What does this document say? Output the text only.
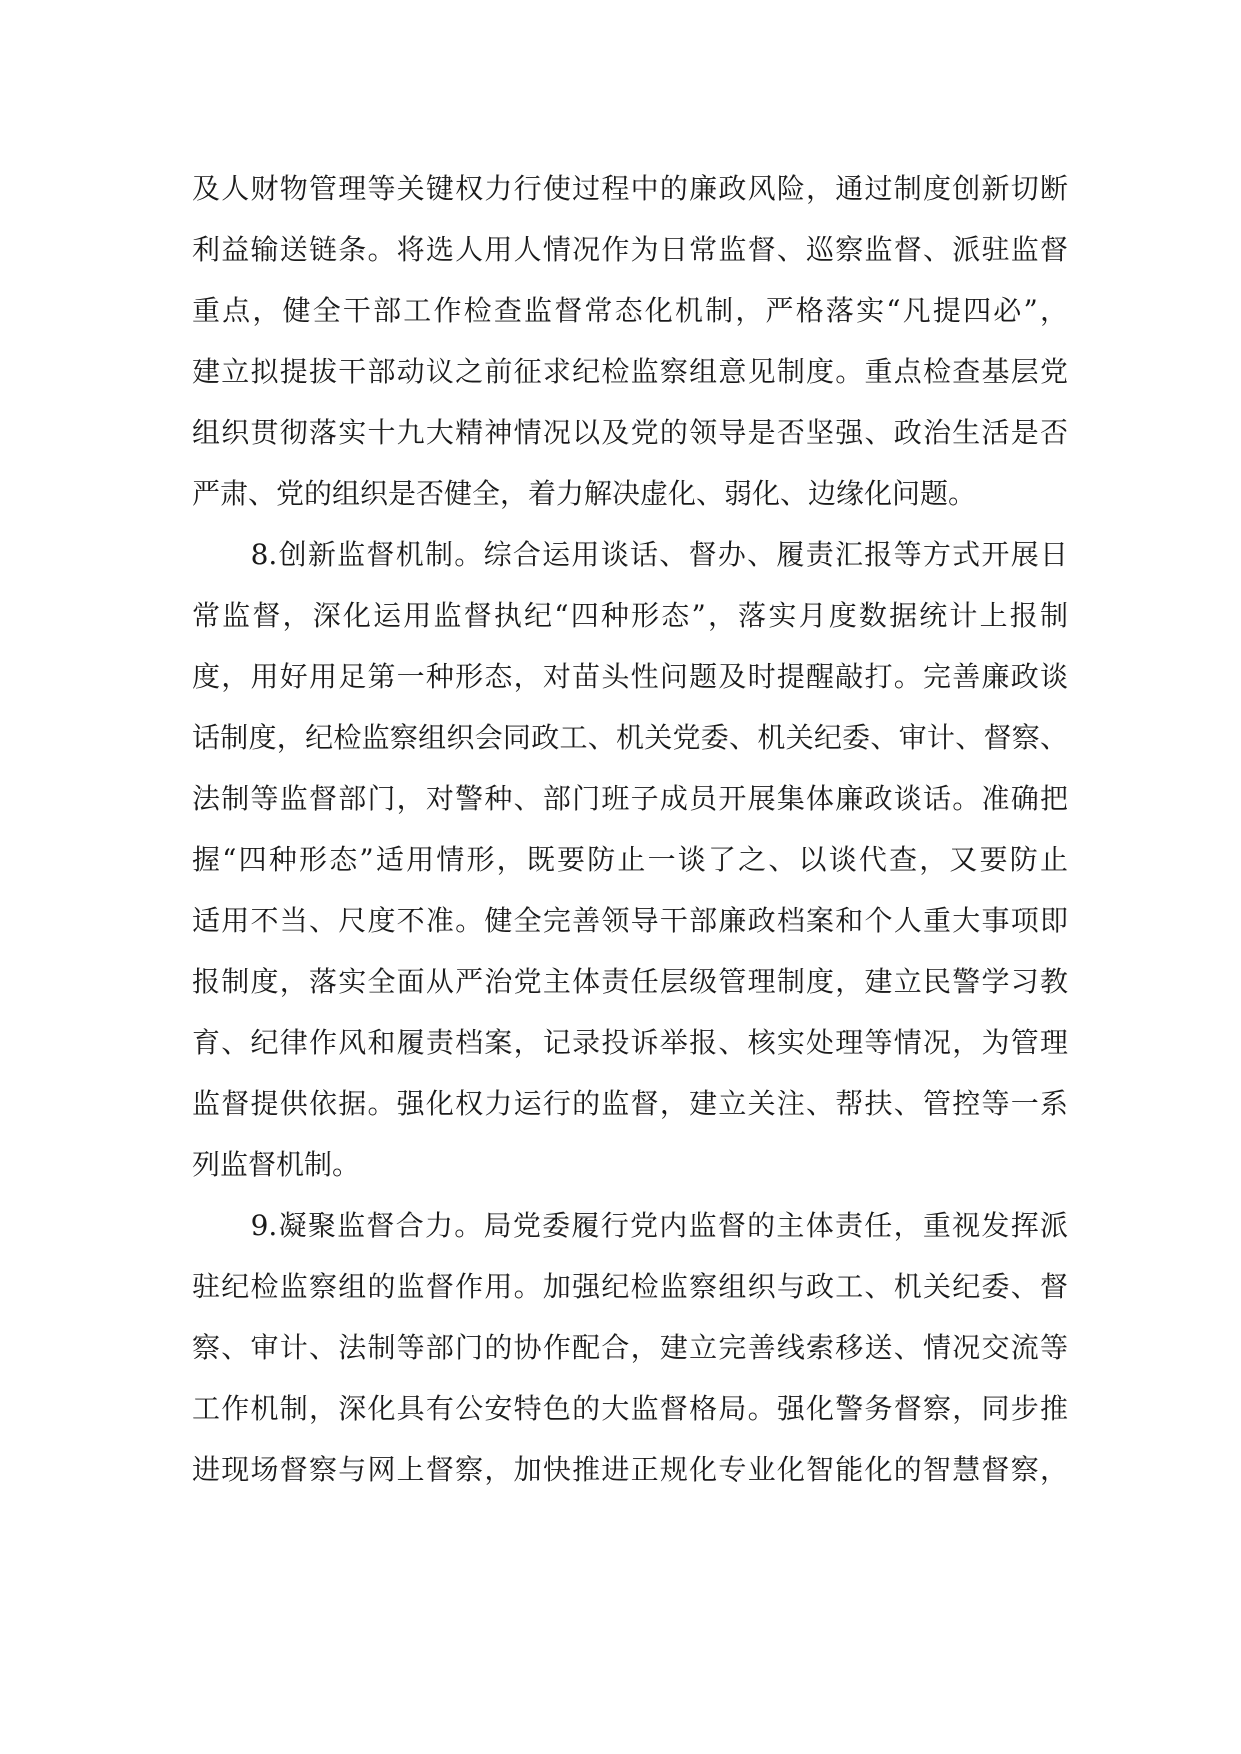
及人财物管理等关键权力行使过程中的廉政风险，通过制度创新切断
利益输送链条。将选人用人情况作为日常监督、巡察监督、派驻监督
重点，健全干部工作检查监督常态化机制，严格落实“凡提四必”，
建立拟提拔干部动议之前征求纪检监察组意见制度。重点检查基层党
组织贯彻落实十九大精神情况以及党的领导是否坚强、政治生活是否
严肃、党的组织是否健全，着力解决虚化、弱化、边缘化问题。
　　8.创新监督机制。综合运用谈话、督办、履责汇报等方式开展日
常监督，深化运用监督执纪“四种形态”，落实月度数据统计上报制
度，用好用足第一种形态，对苗头性问题及时提醒敲打。完善廉政谈
话制度，纪检监察组织会同政工、机关党委、机关纪委、审计、督察、
法制等监督部门，对警种、部门班子成员开展集体廉政谈话。准确把
握“四种形态”适用情形，既要防止一谈了之、以谈代查，又要防止
适用不当、尺度不准。健全完善领导干部廉政档案和个人重大事项即
报制度，落实全面从严治党主体责任层级管理制度，建立民警学习教
育、纪律作风和履责档案，记录投诉举报、核实处理等情况，为管理
监督提供依据。强化权力运行的监督，建立关注、帮扶、管控等一系
列监督机制。
　　9.凝聚监督合力。局党委履行党内监督的主体责任，重视发挥派
驻纪检监察组的监督作用。加强纪检监察组织与政工、机关纪委、督
察、审计、法制等部门的协作配合，建立完善线索移送、情况交流等
工作机制，深化具有公安特色的大监督格局。强化警务督察，同步推
进现场督察与网上督察，加快推进正规化专业化智能化的智慧督察，
